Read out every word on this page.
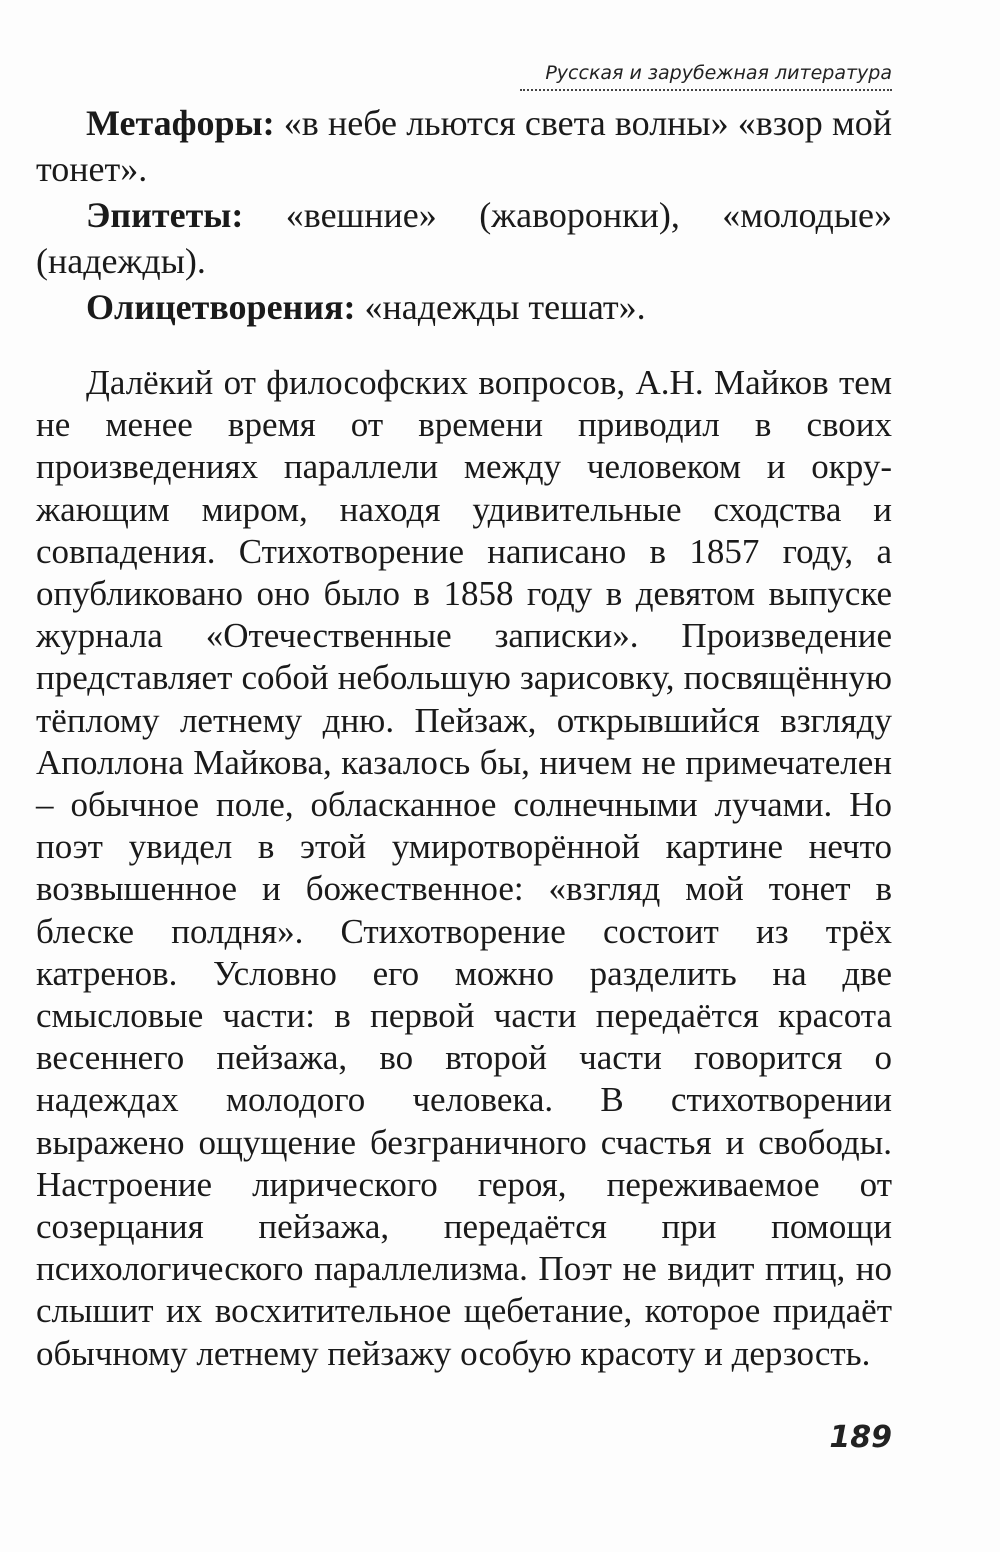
Русская и зарубежная литература

Метафоры: «в небе льются света волны» «взор мой тонет».

Эпитеты: «вешние» (жаворонки), «молодые» (надежды).

Олицетворения: «надежды тешат».

Далёкий от философских вопросов, А.Н. Майков тем не менее время от времени приводил в своих произведениях параллели между человеком и окружающим миром, находя удивительные сходства и совпадения. Стихотворение написано в 1857 году, а опубликовано оно было в 1858 году в девятом выпуске журнала «Отечественные записки». Произведение представляет собой небольшую зарисовку, посвящённую тёплому летнему дню. Пейзаж, открывшийся взгляду Аполлона Майкова, казалось бы, ничем не примечателен – обычное поле, обласканное солнечными лучами. Но поэт увидел в этой умиротворённой картине нечто возвышенное и божественное: «взгляд мой тонет в блеске полдня». Стихотворение состоит из трёх катренов. Условно его можно разделить на две смысловые части: в первой части передаётся красота весеннего пейзажа, во второй части говорится о надеждах молодого человека. В стихотворении выражено ощущение безграничного счастья и свободы. Настроение лирического героя, переживаемое от созерцания пейзажа, передаётся при помощи психологического параллелизма. Поэт не видит птиц, но слышит их восхитительное щебетание, которое придаёт обычному летнему пейзажу особую красоту и дерзость.

189
